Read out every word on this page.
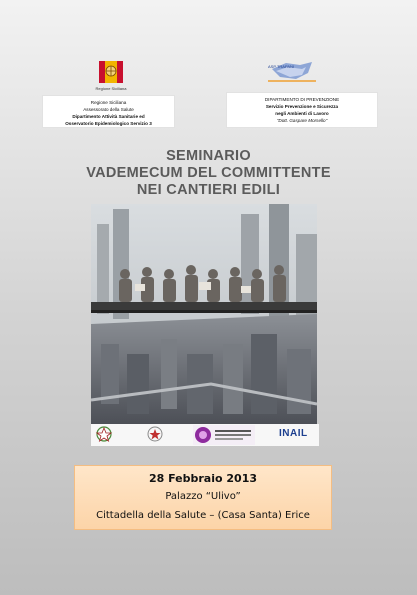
Regione Siciliana
ASP TRAPANI
Regione Siciliana
Assessorato della Salute
Dipartimento Attività Sanitarie ed
Osservatorio Epidemiologico Servizio 3
DIPARTIMENTO DI PREVENZIONE
Servizio Prevenzione e Sicurezza
negli Ambienti di Lavoro
"Dott. Gaspare Morsello"
SEMINARIO
VADEMECUM DEL COMMITTENTE
NEI CANTIERI EDILI
INAIL
28 Febbraio 2013
Palazzo “Ulivo”
Cittadella della Salute – (Casa Santa) Erice
